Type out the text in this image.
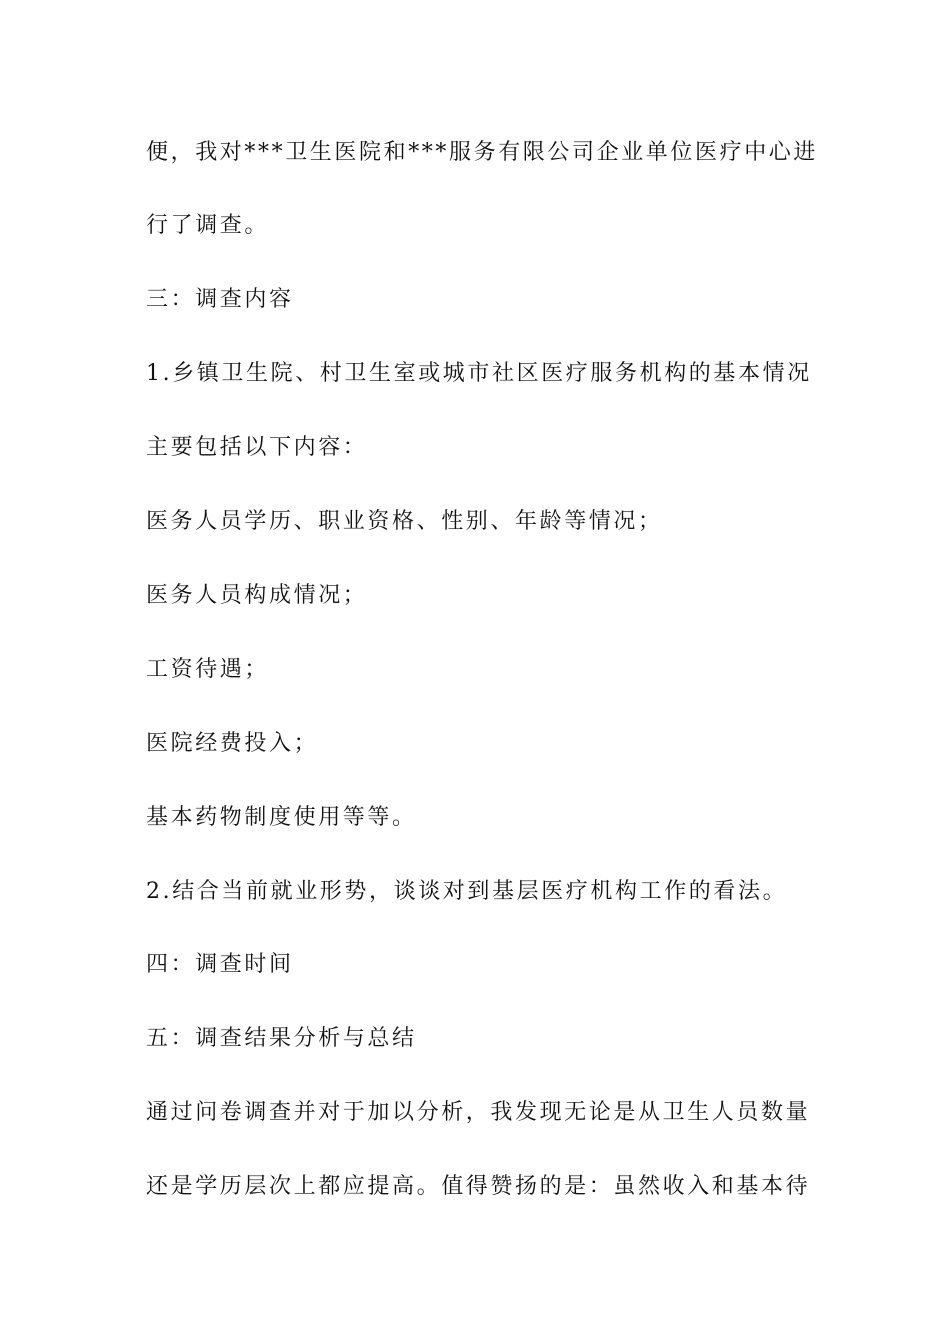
便，我对***卫生医院和***服务有限公司企业单位医疗中心进
行了调查。
三：调查内容
1.乡镇卫生院、村卫生室或城市社区医疗服务机构的基本情况
主要包括以下内容：
医务人员学历、职业资格、性别、年龄等情况；
医务人员构成情况；
工资待遇；
医院经费投入；
基本药物制度使用等等。
2.结合当前就业形势，谈谈对到基层医疗机构工作的看法。
四：调查时间
五：调查结果分析与总结
通过问卷调查并对于加以分析，我发现无论是从卫生人员数量
还是学历层次上都应提高。值得赞扬的是：虽然收入和基本待
